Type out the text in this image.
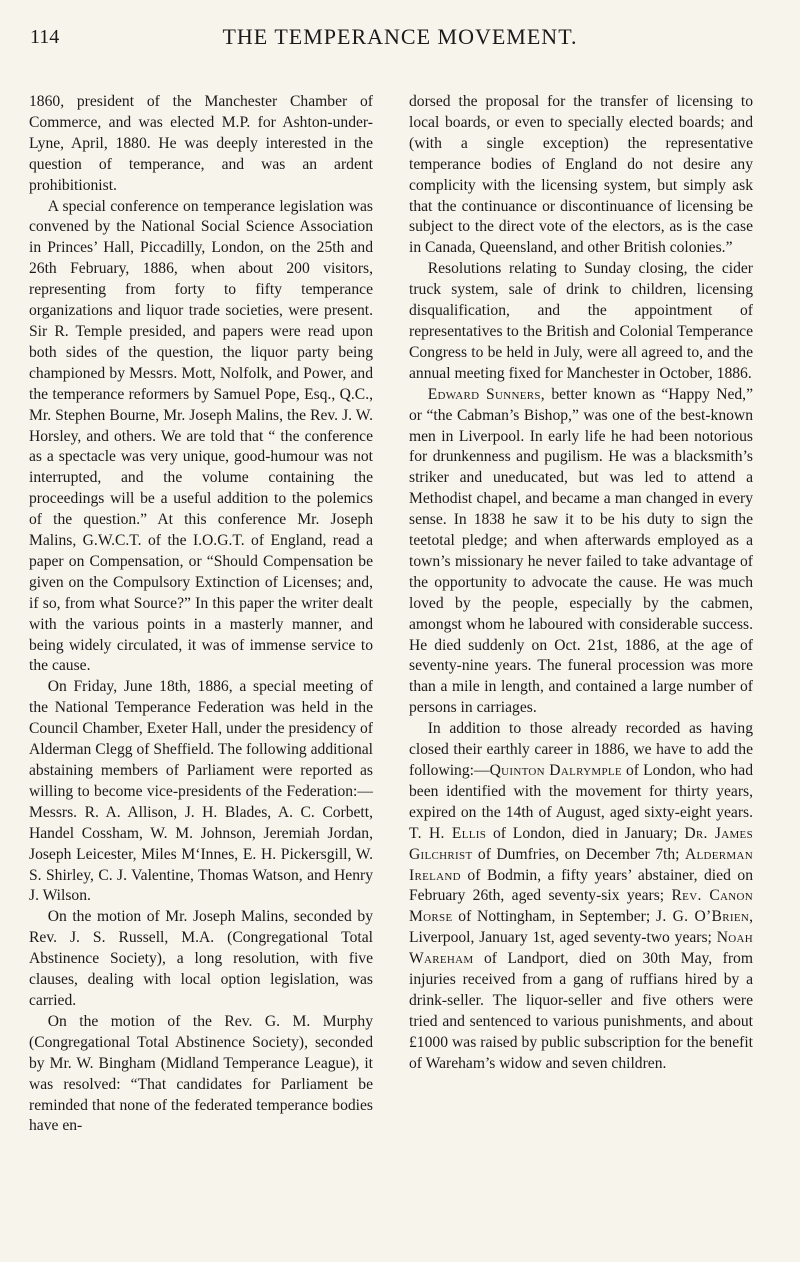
114	THE TEMPERANCE MOVEMENT.

1860, president of the Manchester Chamber of Commerce, and was elected M.P. for Ashton-under-Lyne, April, 1880. He was deeply interested in the question of temperance, and was an ardent prohibitionist.

A special conference on temperance legislation was convened by the National Social Science Association in Princes’ Hall, Piccadilly, London, on the 25th and 26th February, 1886, when about 200 visitors, representing from forty to fifty temperance organizations and liquor trade societies, were present. Sir R. Temple presided, and papers were read upon both sides of the question, the liquor party being championed by Messrs. Mott, Nolfolk, and Power, and the temperance reformers by Samuel Pope, Esq., Q.C., Mr. Stephen Bourne, Mr. Joseph Malins, the Rev. J. W. Horsley, and others. We are told that “ the conference as a spectacle was very unique, good-humour was not interrupted, and the volume containing the proceedings will be a useful addition to the polemics of the question.” At this conference Mr. Joseph Malins, G.W.C.T. of the I.O.G.T. of England, read a paper on Compensation, or “Should Compensation be given on the Compulsory Extinction of Licenses; and, if so, from what Source?” In this paper the writer dealt with the various points in a masterly manner, and being widely circulated, it was of immense service to the cause.

On Friday, June 18th, 1886, a special meeting of the National Temperance Federation was held in the Council Chamber, Exeter Hall, under the presidency of Alderman Clegg of Sheffield. The following additional abstaining members of Parliament were reported as willing to become vice-presidents of the Federation:—Messrs. R. A. Allison, J. H. Blades, A. C. Corbett, Handel Cossham, W. M. Johnson, Jeremiah Jordan, Joseph Leicester, Miles M‘Innes, E. H. Pickersgill, W. S. Shirley, C. J. Valentine, Thomas Watson, and Henry J. Wilson.

On the motion of Mr. Joseph Malins, seconded by Rev. J. S. Russell, M.A. (Congregational Total Abstinence Society), a long resolution, with five clauses, dealing with local option legislation, was carried.

On the motion of the Rev. G. M. Murphy (Congregational Total Abstinence Society), seconded by Mr. W. Bingham (Midland Temperance League), it was resolved: “That candidates for Parliament be reminded that none of the federated temperance bodies have en-

dorsed the proposal for the transfer of licensing to local boards, or even to specially elected boards; and (with a single exception) the representative temperance bodies of England do not desire any complicity with the licensing system, but simply ask that the continuance or discontinuance of licensing be subject to the direct vote of the electors, as is the case in Canada, Queensland, and other British colonies.”

Resolutions relating to Sunday closing, the cider truck system, sale of drink to children, licensing disqualification, and the appointment of representatives to the British and Colonial Temperance Congress to be held in July, were all agreed to, and the annual meeting fixed for Manchester in October, 1886.

Edward Sunners, better known as “Happy Ned,” or “the Cabman’s Bishop,” was one of the best-known men in Liverpool. In early life he had been notorious for drunkenness and pugilism. He was a blacksmith’s striker and uneducated, but was led to attend a Methodist chapel, and became a man changed in every sense. In 1838 he saw it to be his duty to sign the teetotal pledge; and when afterwards employed as a town’s missionary he never failed to take advantage of the opportunity to advocate the cause. He was much loved by the people, especially by the cabmen, amongst whom he laboured with considerable success. He died suddenly on Oct. 21st, 1886, at the age of seventy-nine years. The funeral procession was more than a mile in length, and contained a large number of persons in carriages.

In addition to those already recorded as having closed their earthly career in 1886, we have to add the following:—Quinton Dalrymple of London, who had been identified with the movement for thirty years, expired on the 14th of August, aged sixty-eight years. T. H. Ellis of London, died in January; Dr. James Gilchrist of Dumfries, on December 7th; Alderman Ireland of Bodmin, a fifty years’ abstainer, died on February 26th, aged seventy-six years; Rev. Canon Morse of Nottingham, in September; J. G. O’Brien, Liverpool, January 1st, aged seventy-two years; Noah Wareham of Landport, died on 30th May, from injuries received from a gang of ruffians hired by a drink-seller. The liquor-seller and five others were tried and sentenced to various punishments, and about £1000 was raised by public subscription for the benefit of Wareham’s widow and seven children.
